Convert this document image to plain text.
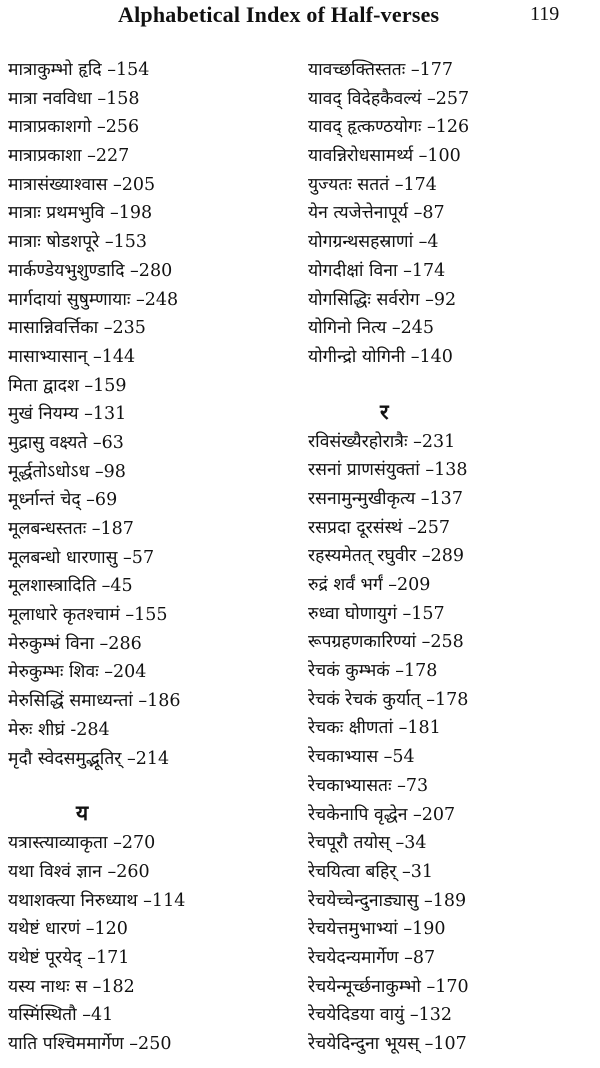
Alphabetical Index of Half-verses	119
मात्राकुम्भो हृदि –154
मात्रा नवविधा –158
मात्राप्रकाशगो –256
मात्राप्रकाशा –227
मात्रासंख्याश्वास –205
मात्राः प्रथमभुवि –198
मात्राः षोडशपूरे –153
मार्कण्डेयभुशुण्डादि –280
मार्गदायां सुषुम्णायाः –248
मासान्निवर्त्तिका –235
मासाभ्यासान् –144
मिता द्वादश –159
मुखं नियम्य –131
मुद्रासु वक्ष्यते –63
मूर्द्धतोऽधोऽध –98
मूर्ध्नान्तं चेद् –69
मूलबन्धस्ततः –187
मूलबन्धो धारणासु –57
मूलशास्त्रादिति –45
मूलाधारे कृतश्चामं –155
मेरुकुम्भं विना –286
मेरुकुम्भः शिवः –204
मेरुसिद्धिं समाध्यन्तां –186
मेरुः शीघ्रं -284
मृदौ स्वेदसमुद्भूतिर् –214
य
यत्रास्त्याव्याकृता –270
यथा विश्वं ज्ञान –260
यथाशक्त्या निरुध्याथ –114
यथेष्टं धारणं –120
यथेष्टं पूरयेद् –171
यस्य नाथः स –182
यस्मिंस्थितौ –41
याति पश्चिममार्गेण –250
यावच्छक्तिस्ततः –177
यावद् विदेहकैवल्यं –257
यावद् हृत्कण्ठयोगः –126
यावन्निरोधसामर्थ्य –100
युज्यतः सततं –174
येन त्यजेत्तेनापूर्य –87
योगग्रन्थसहस्राणां –4
योगदीक्षां विना –174
योगसिद्धिः सर्वरोग –92
योगिनो नित्य –245
योगीन्द्रो योगिनी –140
र
रविसंख्यैरहोरात्रैः –231
रसनां प्राणसंयुक्तां –138
रसनामुन्मुखीकृत्य –137
रसप्रदा दूरसंस्थं –257
रहस्यमेतत् रघुवीर –289
रुद्रं शर्वं भर्गं –209
रुध्वा घोणायुगं –157
रूपग्रहणकारिण्यां –258
रेचकं कुम्भकं –178
रेचकं रेचकं कुर्यात् –178
रेचकः क्षीणतां –181
रेचकाभ्यास –54
रेचकाभ्यासतः –73
रेचकेनापि वृद्धेन –207
रेचपूरौ तयोस् –34
रेचयित्वा बहिर् –31
रेचयेच्चेन्दुनाड्यासु –189
रेचयेत्तमुभाभ्यां –190
रेचयेदन्यमार्गेण –87
रेचयेन्मूर्च्छनाकुम्भो –170
रेचयेदिडया वायुं –132
रेचयेदिन्दुना भूयस् –107
